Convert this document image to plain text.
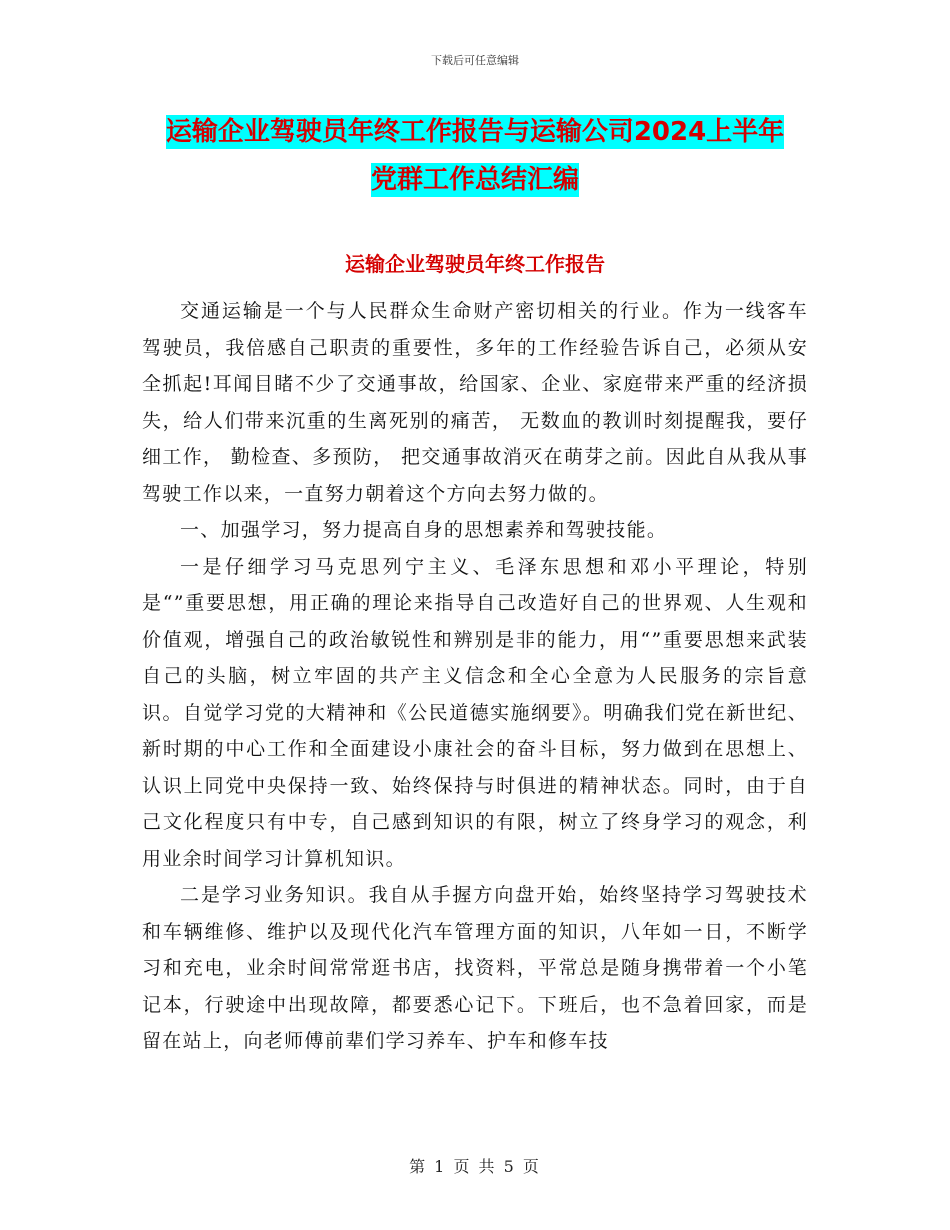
下载后可任意编辑
运输企业驾驶员年终工作报告与运输公司2024上半年
党群工作总结汇编
运输企业驾驶员年终工作报告

交通运输是一个与人民群众生命财产密切相关的行业。作为一线客车驾驶员，我倍感自己职责的重要性，多年的工作经验告诉自己，必须从安全抓起!耳闻目睹不少了交通事故，给国家、企业、家庭带来严重的经济损失，给人们带来沉重的生离死别的痛苦， 无数血的教训时刻提醒我，要仔细工作， 勤检查、多预防， 把交通事故消灭在萌芽之前。因此自从我从事驾驶工作以来，一直努力朝着这个方向去努力做的。

一、加强学习，努力提高自身的思想素养和驾驶技能。

一是仔细学习马克思列宁主义、毛泽东思想和邓小平理论，特别是“”重要思想，用正确的理论来指导自己改造好自己的世界观、人生观和价值观，增强自己的政治敏锐性和辨别是非的能力，用“”重要思想来武装自己的头脑，树立牢固的共产主义信念和全心全意为人民服务的宗旨意识。自觉学习党的大精神和《公民道德实施纲要》。明确我们党在新世纪、新时期的中心工作和全面建设小康社会的奋斗目标，努力做到在思想上、认识上同党中央保持一致、始终保持与时俱进的精神状态。同时，由于自己文化程度只有中专，自己感到知识的有限，树立了终身学习的观念，利用业余时间学习计算机知识。

二是学习业务知识。我自从手握方向盘开始，始终坚持学习驾驶技术和车辆维修、维护以及现代化汽车管理方面的知识，八年如一日，不断学习和充电，业余时间常常逛书店，找资料，平常总是随身携带着一个小笔记本，行驶途中出现故障，都要悉心记下。下班后，也不急着回家，而是留在站上，向老师傅前辈们学习养车、护车和修车技

第 1 页 共 5 页
